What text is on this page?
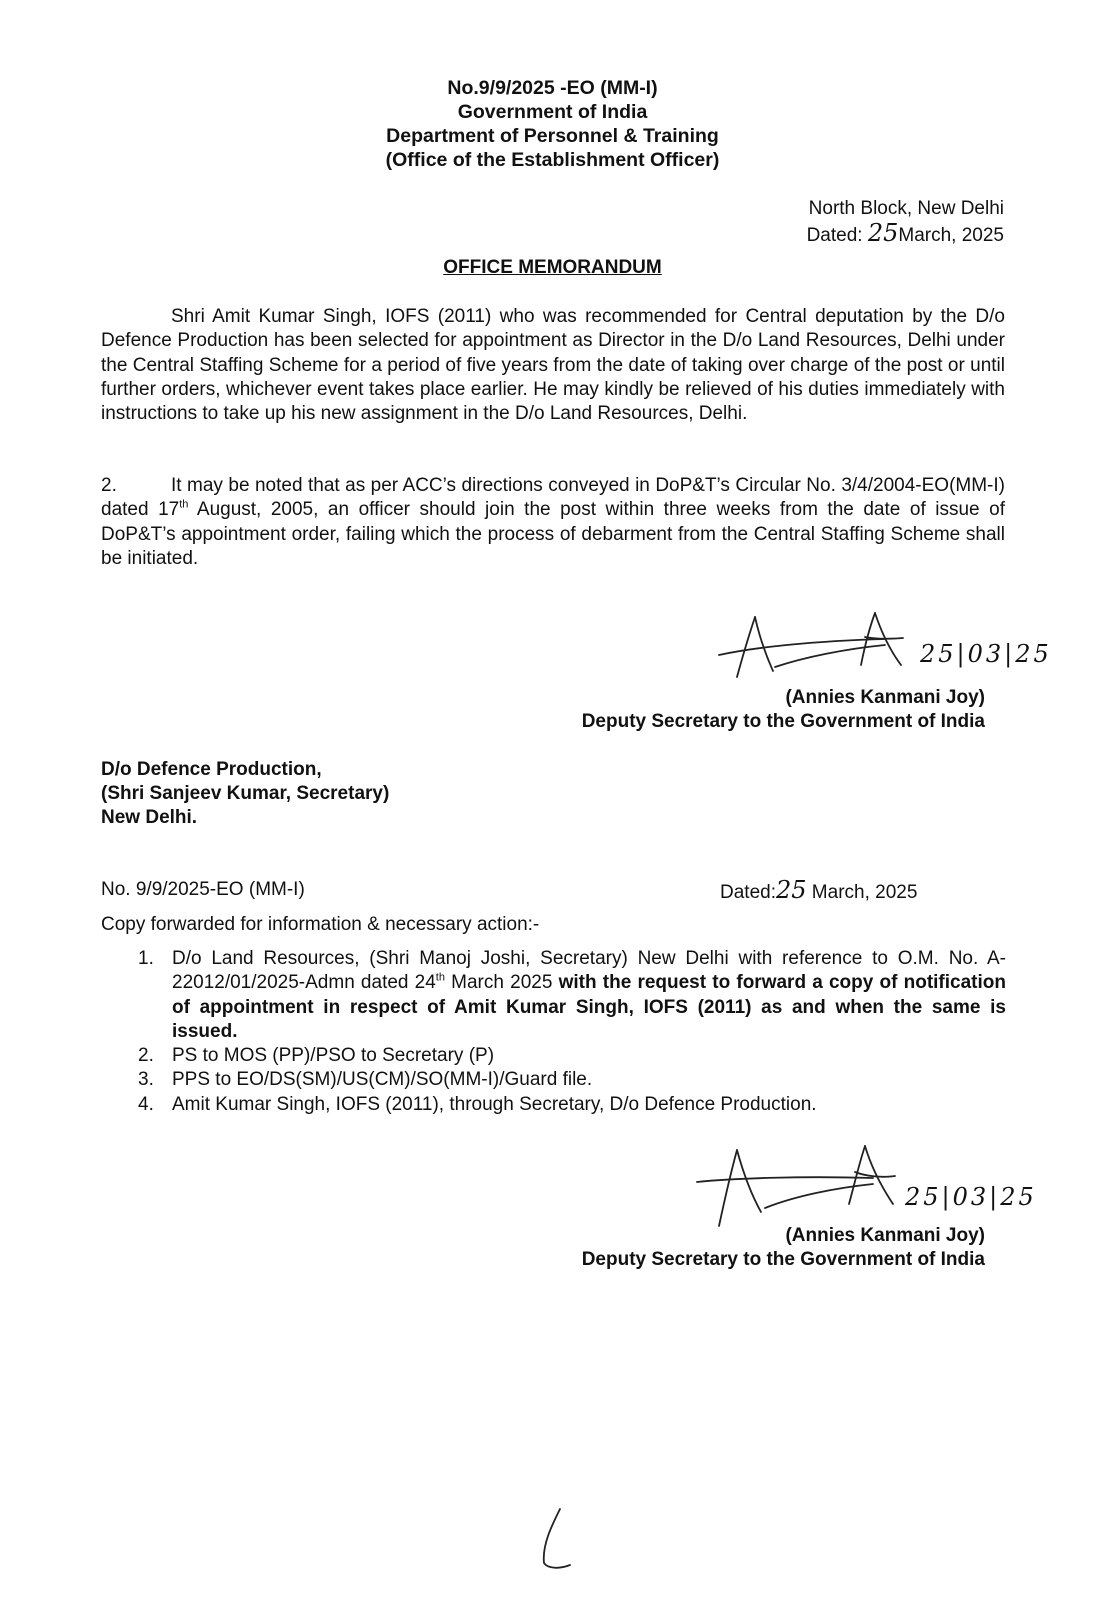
No.9/9/2025 -EO (MM-I)
Government of India
Department of Personnel & Training
(Office of the Establishment Officer)
North Block, New Delhi
Dated: 25March, 2025
OFFICE MEMORANDUM
Shri Amit Kumar Singh, IOFS (2011) who was recommended for Central deputation by the D/o Defence Production has been selected for appointment as Director in the D/o Land Resources, Delhi under the Central Staffing Scheme for a period of five years from the date of taking over charge of the post or until further orders, whichever event takes place earlier. He may kindly be relieved of his duties immediately with instructions to take up his new assignment in the D/o Land Resources, Delhi.
2.	It may be noted that as per ACC’s directions conveyed in DoP&T’s Circular No. 3/4/2004-EO(MM-I) dated 17th August, 2005, an officer should join the post within three weeks from the date of issue of DoP&T’s appointment order, failing which the process of debarment from the Central Staffing Scheme shall be initiated.
25|03|25
(Annies Kanmani Joy)
Deputy Secretary to the Government of India
D/o Defence Production,
(Shri Sanjeev Kumar, Secretary)
New Delhi.
No. 9/9/2025-EO (MM-I)	Dated:25 March, 2025
Copy forwarded for information & necessary action:-
1. D/o Land Resources, (Shri Manoj Joshi, Secretary) New Delhi with reference to O.M. No. A-22012/01/2025-Admn dated 24th March 2025 with the request to forward a copy of notification of appointment in respect of Amit Kumar Singh, IOFS (2011) as and when the same is issued.
2. PS to MOS (PP)/PSO to Secretary (P)
3. PPS to EO/DS(SM)/US(CM)/SO(MM-I)/Guard file.
4. Amit Kumar Singh, IOFS (2011), through Secretary, D/o Defence Production.
25|03|25
(Annies Kanmani Joy)
Deputy Secretary to the Government of India
